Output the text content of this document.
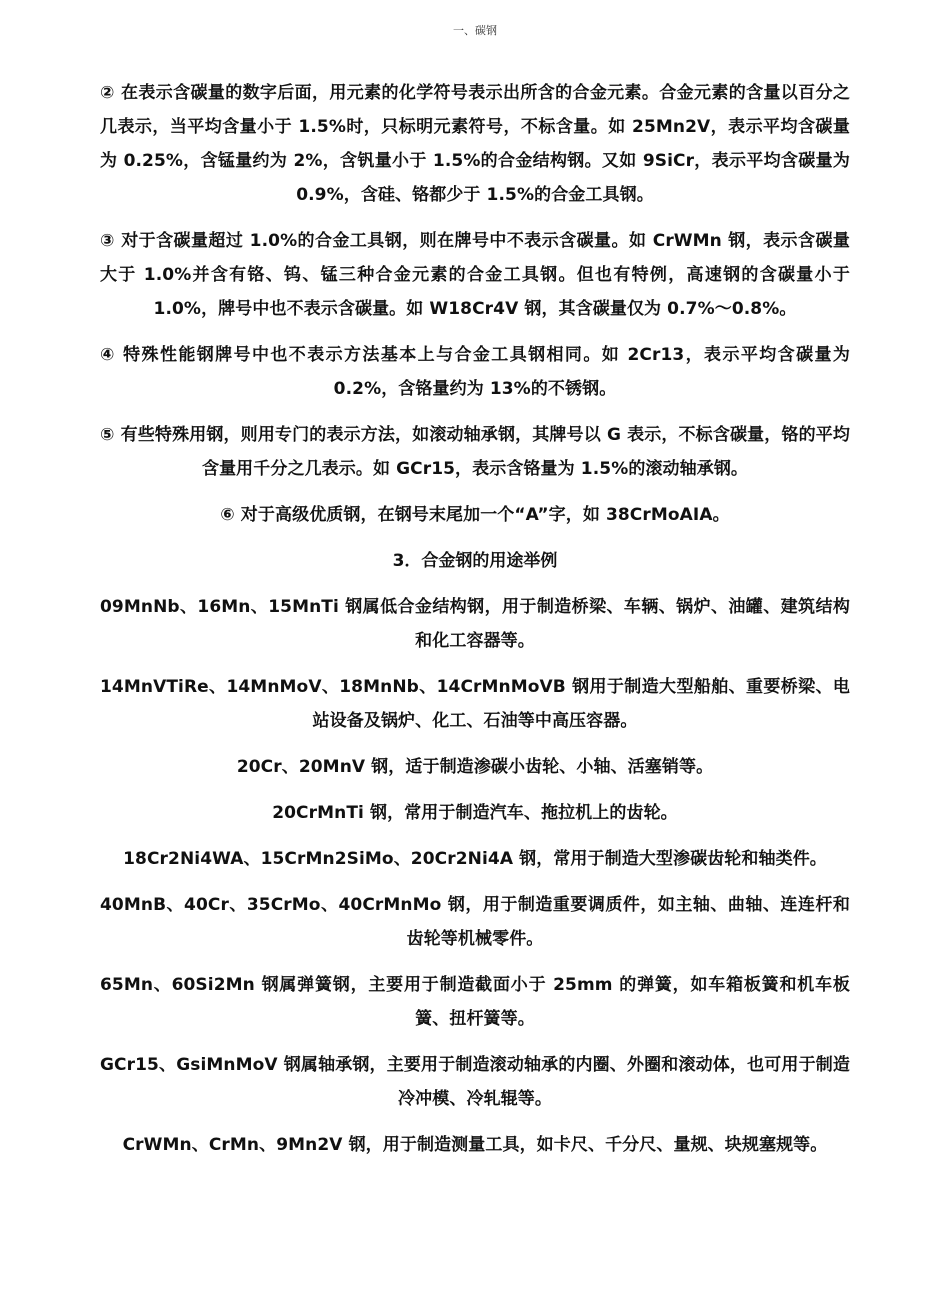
一、碳钢

② 在表示含碳量的数字后面，用元素的化学符号表示出所含的合金元素。合金元素的含量以百分之几表示，当平均含量小于 1.5%时，只标明元素符号，不标含量。如 25Mn2V，表示平均含碳量为 0.25%，含锰量约为 2%，含钒量小于 1.5%的合金结构钢。又如 9SiCr，表示平均含碳量为 0.9%，含硅、铬都少于 1.5%的合金工具钢。

③ 对于含碳量超过 1.0%的合金工具钢，则在牌号中不表示含碳量。如 CrWMn 钢，表示含碳量大于 1.0%并含有铬、钨、锰三种合金元素的合金工具钢。但也有特例，高速钢的含碳量小于 1.0%，牌号中也不表示含碳量。如 W18Cr4V 钢，其含碳量仅为 0.7%～0.8%。

④ 特殊性能钢牌号中也不表示方法基本上与合金工具钢相同。如 2Cr13，表示平均含碳量为 0.2%，含铬量约为 13%的不锈钢。

⑤ 有些特殊用钢，则用专门的表示方法，如滚动轴承钢，其牌号以 G 表示，不标含碳量，铬的平均含量用千分之几表示。如 GCr15，表示含铬量为 1.5%的滚动轴承钢。

⑥ 对于高级优质钢，在钢号末尾加一个“A”字，如 38CrMoAIA。

3．合金钢的用途举例

09MnNb、16Mn、15MnTi 钢属低合金结构钢，用于制造桥梁、车辆、锅炉、油罐、建筑结构和化工容器等。

14MnVTiRe、14MnMoV、18MnNb、14CrMnMoVB 钢用于制造大型船舶、重要桥梁、电站设备及锅炉、化工、石油等中高压容器。

20Cr、20MnV 钢，适于制造渗碳小齿轮、小轴、活塞销等。

20CrMnTi 钢，常用于制造汽车、拖拉机上的齿轮。

18Cr2Ni4WA、15CrMn2SiMo、20Cr2Ni4A 钢，常用于制造大型渗碳齿轮和轴类件。

40MnB、40Cr、35CrMo、40CrMnMo 钢，用于制造重要调质件，如主轴、曲轴、连连杆和齿轮等机械零件。

65Mn、60Si2Mn 钢属弹簧钢，主要用于制造截面小于 25mm 的弹簧，如车箱板簧和机车板簧、扭杆簧等。

GCr15、GsiMnMoV 钢属轴承钢，主要用于制造滚动轴承的内圈、外圈和滚动体，也可用于制造冷冲模、冷轧辊等。

CrWMn、CrMn、9Mn2V 钢，用于制造测量工具，如卡尺、千分尺、量规、块规塞规等。
